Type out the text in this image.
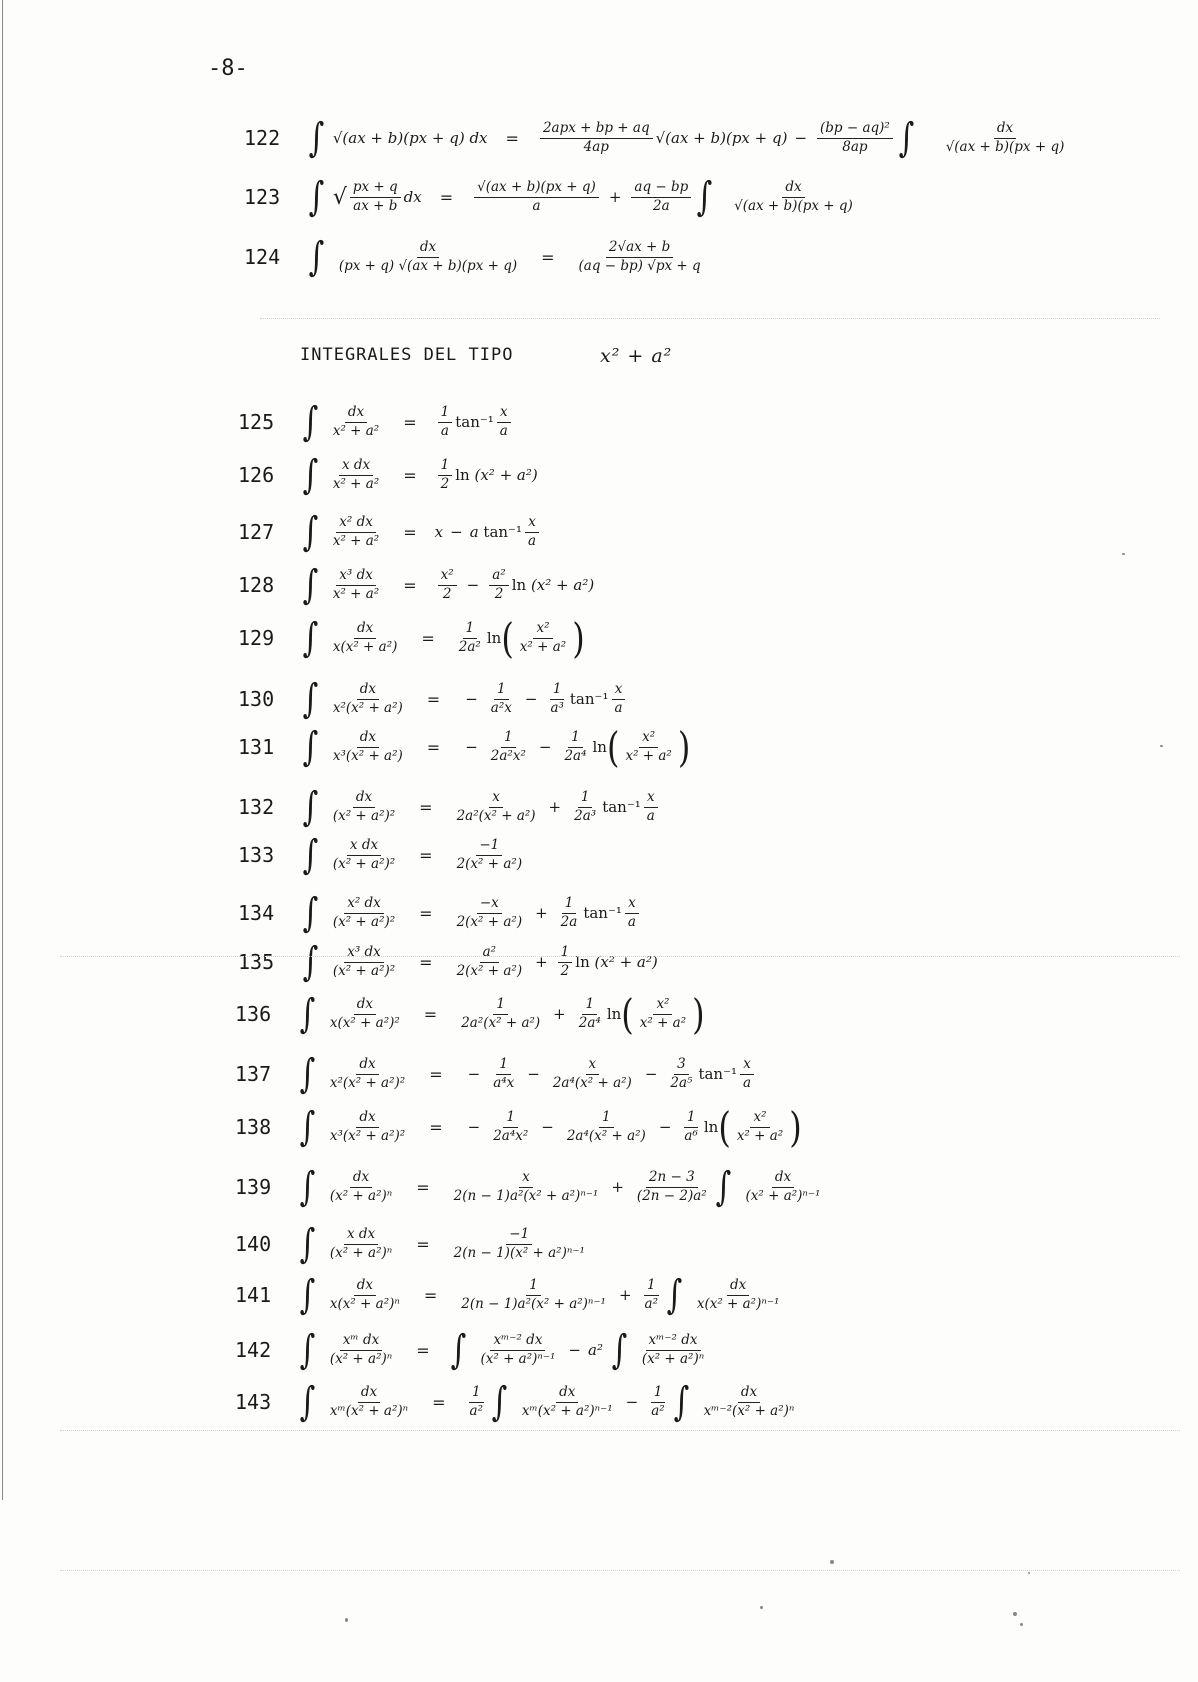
-8-
122 ∫ √(ax + b)(px + q) dx = $\frac{\text{2apx + bp + aq}}{4ap} √(ax + b)(px + q) - \frac{\text{(bp − aq)²}}{8ap}$ ∫ $\frac{dx}{√(ax + b)(px + q)}$
123 ∫ √ $\frac{px + q}{ax + b}$ dx = $\frac{√(ax + b)(px + q)}{a} + \frac{aq - bp}{2a}$ ∫ $\frac{dx}{√(ax + b)(px + q)}$
124 ∫ $\frac{dx}{(px + q) √(ax + b)(px + q)} = \frac{2√ax + b}{(aq - bp) √px + q}$
INTEGRALES DEL TIPO	x² + a²
125 ∫ $\frac{dx}{\text{x² + a²}} = \frac{1}{a} \tan^{-1} \frac{x}{a}$
126 ∫ $\frac{\text{x dx}}{\text{x² + a²}} = \frac{1}{2}$ ln (x² + a²)
127 ∫ $\frac{\text{x² dx}}{\text{x² + a²}} = x - a$
$\tan^{-1} \frac{x}{a}$
128 ∫ $\frac{\text{x³ dx}}{\text{x² + a²}} = \frac{\text{x²}}{2} - \frac{\text{a²}}{2}$ ln (x² + a²)
129 ∫ $\frac{dx}{\text{x(x² + a²)}} = \frac{1}{\text{2a²}}$ ln ( $\frac{\text{x²}}{\text{x² + a²}}$ )
130 ∫ $\frac{dx}{\text{x²(x² + a²)}}$ = − $\frac{1}{\text{a²x}} - \frac{1}{\text{a³}} \tan^{-1} \frac{x}{a}$
131 ∫ $\frac{dx}{\text{x³(x² + a²)}}$ = − $\frac{1}{\text{2a²x²}} - \frac{1}{\text{2a⁴}}$ ln ( $\frac{\text{x²}}{\text{x² + a²}}$ )
132 ∫ $\frac{dx}{\text{(x² + a²)²}} = \frac{x}{\text{2a²(x² + a²)}} + \frac{1}{\text{2a³}} \tan^{-1} \frac{x}{a}$
133 ∫ $\frac{\text{x dx}}{\text{(x² + a²)²}} = \frac{-1}{\text{2(x² + a²)}}$
134 ∫ $\frac{\text{x² dx}}{\text{(x² + a²)²}} = \frac{-x}{\text{2(x² + a²)}} + \frac{1}{2a} \tan^{-1} \frac{x}{a}$
135 ∫ $\frac{\text{x³ dx}}{\text{(x² + a²)²}} = \frac{\text{a²}}{\text{2(x² + a²)}} + \frac{1}{2}$ ln (x² + a²)
136 ∫ $\frac{dx}{\text{x(x² + a²)²}} = \frac{1}{\text{2a²(x² + a²)}} + \frac{1}{\text{2a⁴}}$ ln ( $\frac{\text{x²}}{\text{x² + a²}}$ )
137 ∫ $\frac{dx}{\text{x²(x² + a²)²}}$ = − $\frac{1}{\text{a⁴x}} - \frac{x}{\text{2a⁴(x² + a²)}} - \frac{3}{\text{2a⁵}} \tan^{-1} \frac{x}{a}$
138 ∫ $\frac{dx}{\text{x³(x² + a²)²}}$ = − $\frac{1}{\text{2a⁴x²}} - \frac{1}{\text{2a⁴(x² + a²)}} - \frac{1}{\text{a⁶}}$ ln ( $\frac{\text{x²}}{\text{x² + a²}}$ )
139 ∫ $\frac{dx}{\text{(x² + a²)ⁿ}} = \frac{x}{\text{2(n − 1)a²(x² + a²)ⁿ⁻¹}} + \frac{2n - 3}{\text{(2n − 2)a²}}$ ∫ $\frac{dx}{\text{(x² + a²)ⁿ⁻¹}}$
140 ∫ $\frac{\text{x dx}}{\text{(x² + a²)ⁿ}} = \frac{-1}{\text{2(n − 1)(x² + a²)ⁿ⁻¹}}$
141 ∫ $\frac{dx}{\text{x(x² + a²)ⁿ}} = \frac{1}{\text{2(n − 1)a²(x² + a²)ⁿ⁻¹}} + \frac{1}{\text{a²}}$ ∫ $\frac{dx}{\text{x(x² + a²)ⁿ⁻¹}}$
142 ∫ $\frac{\text{xᵐ dx}}{\text{(x² + a²)ⁿ}}$ = ∫ $\frac{\text{xᵐ⁻² dx}}{\text{(x² + a²)ⁿ⁻¹}} - a^2$ ∫ $\frac{\text{xᵐ⁻² dx}}{\text{(x² + a²)ⁿ}}$
143 ∫ $\frac{dx}{\text{xᵐ(x² + a²)ⁿ}} = \frac{1}{\text{a²}}$ ∫ $\frac{dx}{\text{xᵐ(x² + a²)ⁿ⁻¹}} - \frac{1}{\text{a²}}$ ∫ $\frac{dx}{\text{xᵐ⁻²(x² + a²)ⁿ}}$
